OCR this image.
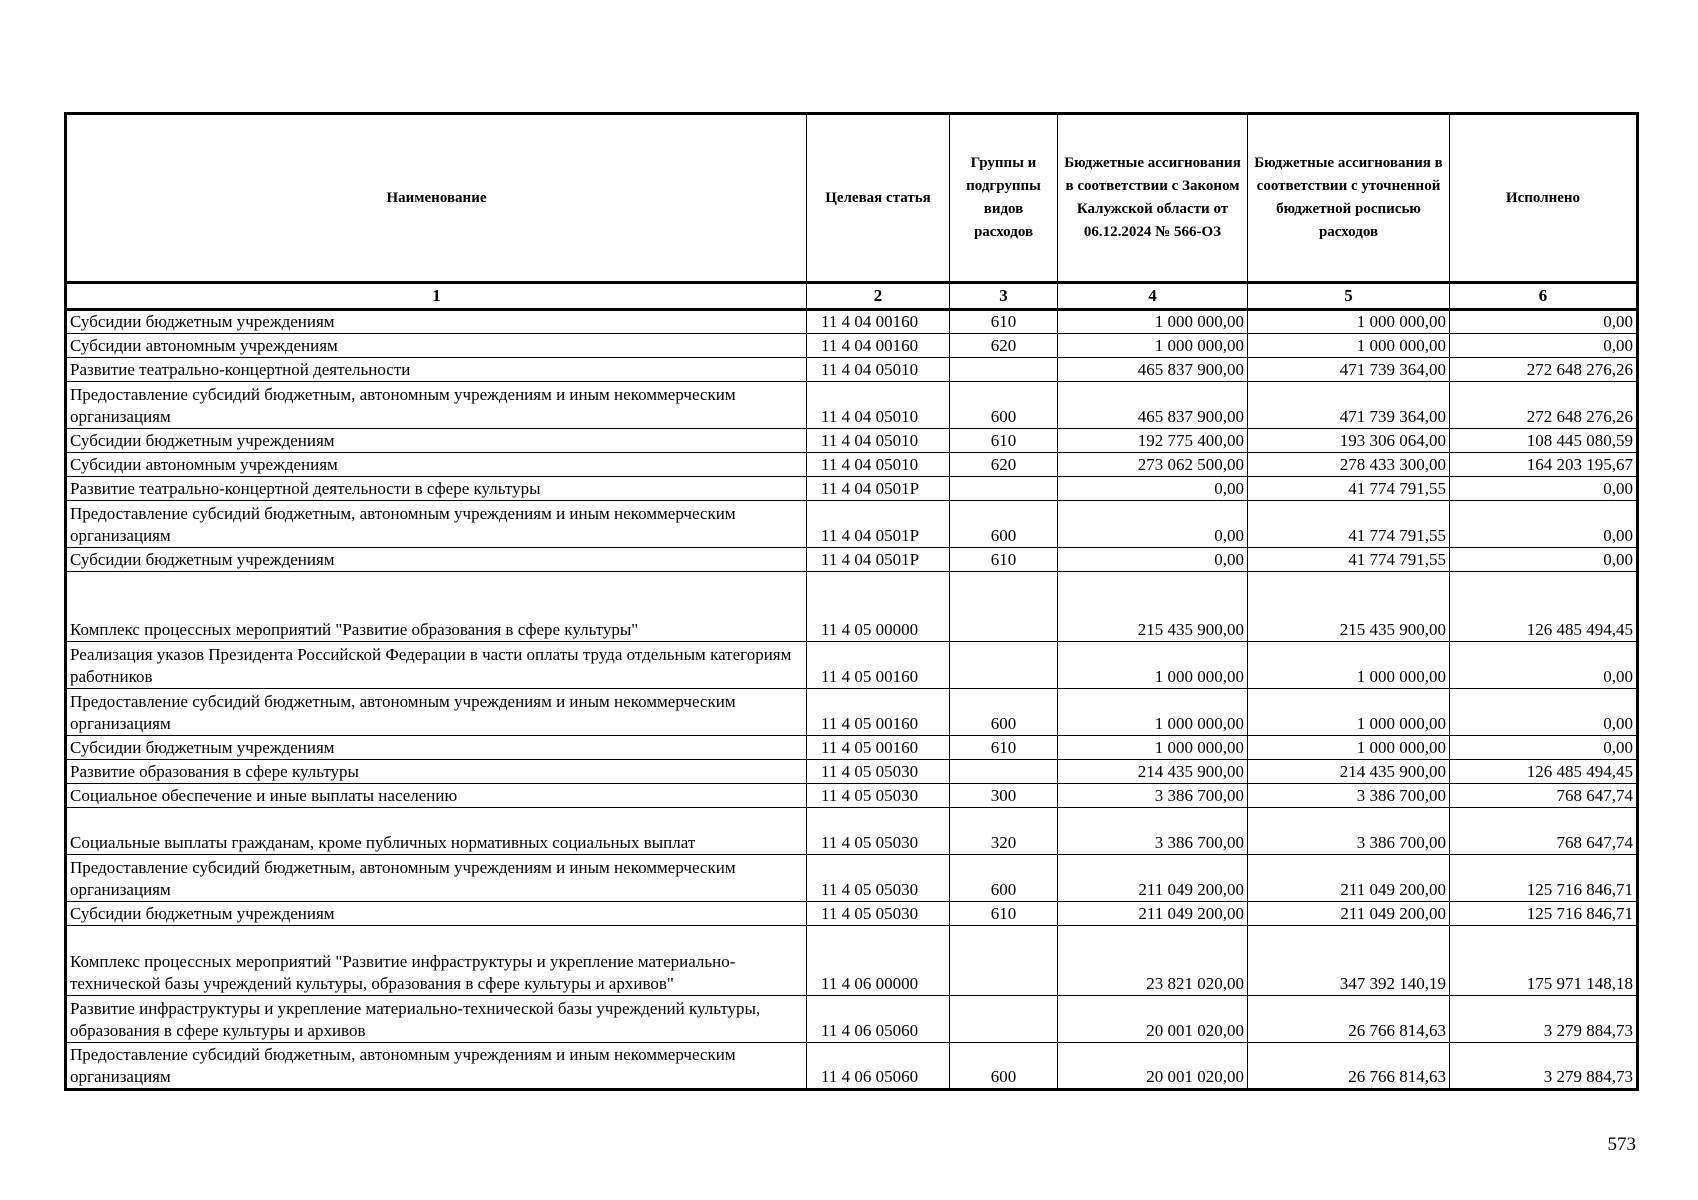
Наименование	Целевая статья	Группы и подгруппы видов расходов	Бюджетные ассигнования в соответствии с Законом Калужской области от 06.12.2024 № 566-ОЗ	Бюджетные ассигнования в соответствии с уточненной бюджетной росписью расходов	Исполнено
1	2	3	4	5	6
Субсидии бюджетным учреждениям	11 4 04 00160	610	1 000 000,00	1 000 000,00	0,00
Субсидии автономным учреждениям	11 4 04 00160	620	1 000 000,00	1 000 000,00	0,00
Развитие театрально-концертной деятельности	11 4 04 05010		465 837 900,00	471 739 364,00	272 648 276,26
Предоставление субсидий бюджетным, автономным учреждениям и иным некоммерческим организациям	11 4 04 05010	600	465 837 900,00	471 739 364,00	272 648 276,26
Субсидии бюджетным учреждениям	11 4 04 05010	610	192 775 400,00	193 306 064,00	108 445 080,59
Субсидии автономным учреждениям	11 4 04 05010	620	273 062 500,00	278 433 300,00	164 203 195,67
Развитие театрально-концертной деятельности в сфере культуры	11 4 04 0501Р		0,00	41 774 791,55	0,00
Предоставление субсидий бюджетным, автономным учреждениям и иным некоммерческим организациям	11 4 04 0501Р	600	0,00	41 774 791,55	0,00
Субсидии бюджетным учреждениям	11 4 04 0501Р	610	0,00	41 774 791,55	0,00
Комплекс процессных мероприятий "Развитие образования в сфере культуры"	11 4 05 00000		215 435 900,00	215 435 900,00	126 485 494,45
Реализация указов Президента Российской Федерации в части оплаты труда отдельным категориям работников	11 4 05 00160		1 000 000,00	1 000 000,00	0,00
Предоставление субсидий бюджетным, автономным учреждениям и иным некоммерческим организациям	11 4 05 00160	600	1 000 000,00	1 000 000,00	0,00
Субсидии бюджетным учреждениям	11 4 05 00160	610	1 000 000,00	1 000 000,00	0,00
Развитие образования в сфере культуры	11 4 05 05030		214 435 900,00	214 435 900,00	126 485 494,45
Социальное обеспечение и иные выплаты населению	11 4 05 05030	300	3 386 700,00	3 386 700,00	768 647,74
Социальные выплаты гражданам, кроме публичных нормативных социальных выплат	11 4 05 05030	320	3 386 700,00	3 386 700,00	768 647,74
Предоставление субсидий бюджетным, автономным учреждениям и иным некоммерческим организациям	11 4 05 05030	600	211 049 200,00	211 049 200,00	125 716 846,71
Субсидии бюджетным учреждениям	11 4 05 05030	610	211 049 200,00	211 049 200,00	125 716 846,71
Комплекс процессных мероприятий "Развитие инфраструктуры и укрепление материально-технической базы учреждений культуры, образования в сфере культуры и архивов"	11 4 06 00000		23 821 020,00	347 392 140,19	175 971 148,18
Развитие инфраструктуры и укрепление материально-технической базы учреждений культуры, образования в сфере культуры и архивов	11 4 06 05060		20 001 020,00	26 766 814,63	3 279 884,73
Предоставление субсидий бюджетным, автономным учреждениям и иным некоммерческим организациям	11 4 06 05060	600	20 001 020,00	26 766 814,63	3 279 884,73
573
